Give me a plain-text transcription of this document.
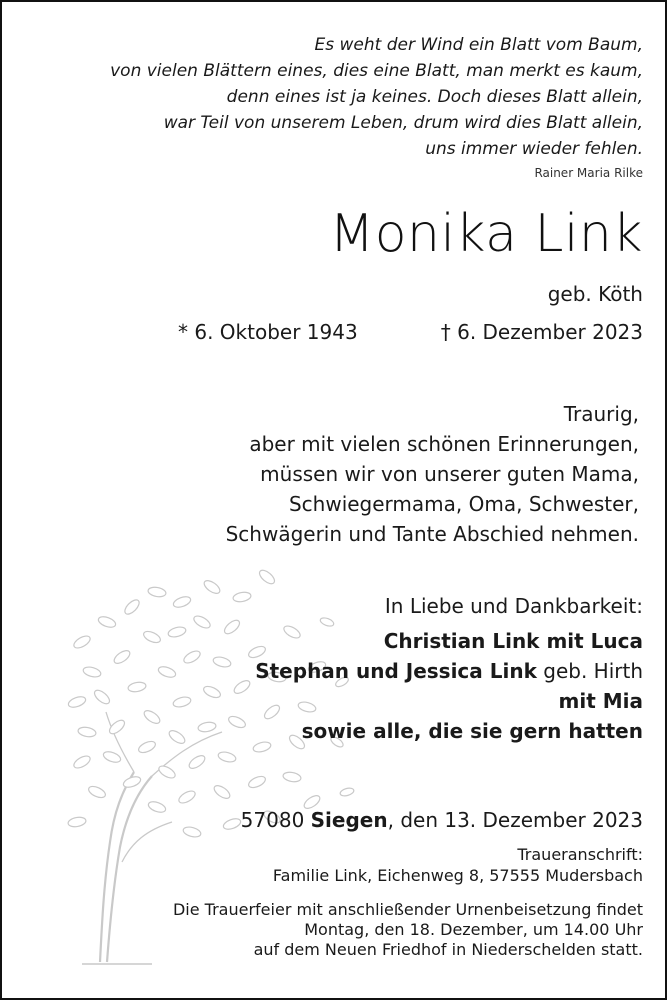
Es weht der Wind ein Blatt vom Baum,
von vielen Blättern eines, dies eine Blatt, man merkt es kaum,
denn eines ist ja keines. Doch dieses Blatt allein,
war Teil von unserem Leben, drum wird dies Blatt allein,
uns immer wieder fehlen.
Rainer Maria Rilke
Monika Link
geb. Köth
* 6. Oktober 1943	† 6. Dezember 2023
Traurig,
aber mit vielen schönen Erinnerungen,
müssen wir von unserer guten Mama,
Schwiegermama, Oma, Schwester,
Schwägerin und Tante Abschied nehmen.
In Liebe und Dankbarkeit:
Christian Link mit Luca
Stephan und Jessica Link geb. Hirth
mit Mia
sowie alle, die sie gern hatten
57080 Siegen, den 13. Dezember 2023
Traueranschrift:
Familie Link, Eichenweg 8, 57555 Mudersbach
Die Trauerfeier mit anschließender Urnenbeisetzung findet
Montag, den 18. Dezember, um 14.00 Uhr
auf dem Neuen Friedhof in Niederschelden statt.
